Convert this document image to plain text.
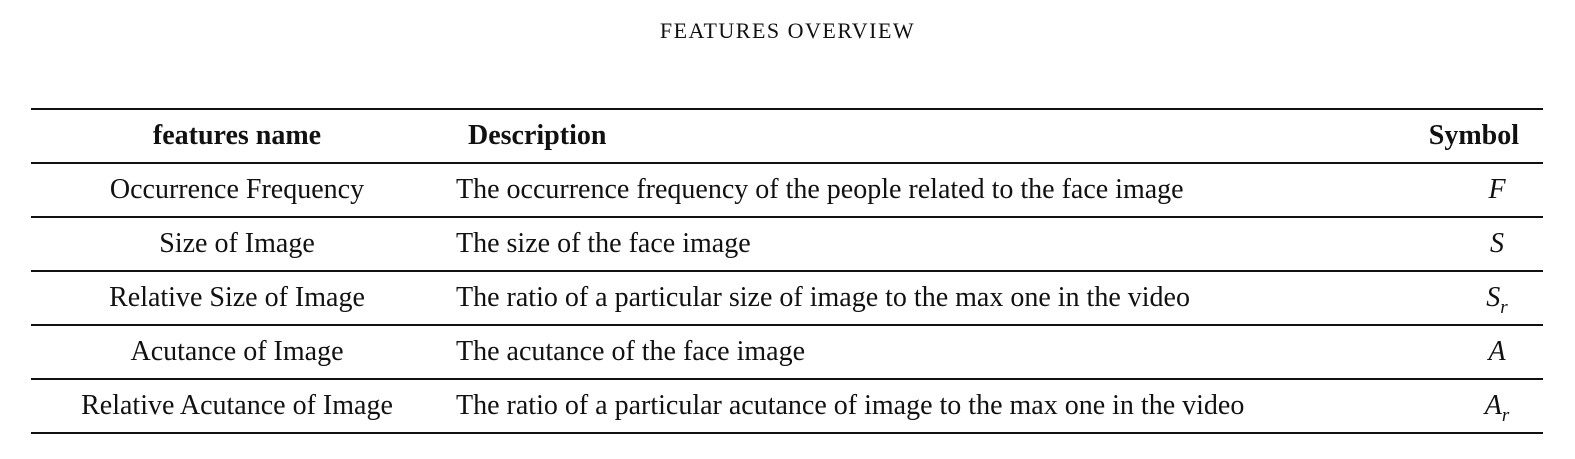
FEATURES OVERVIEW
features name	Description	Symbol
Occurrence Frequency	The occurrence frequency of the people related to the face image	F
Size of Image	The size of the face image	S
Relative Size of Image	The ratio of a particular size of image to the max one in the video	$S_r$
Acutance of Image	The acutance of the face image	A
Relative Acutance of Image	The ratio of a particular acutance of image to the max one in the video	$A_r$
